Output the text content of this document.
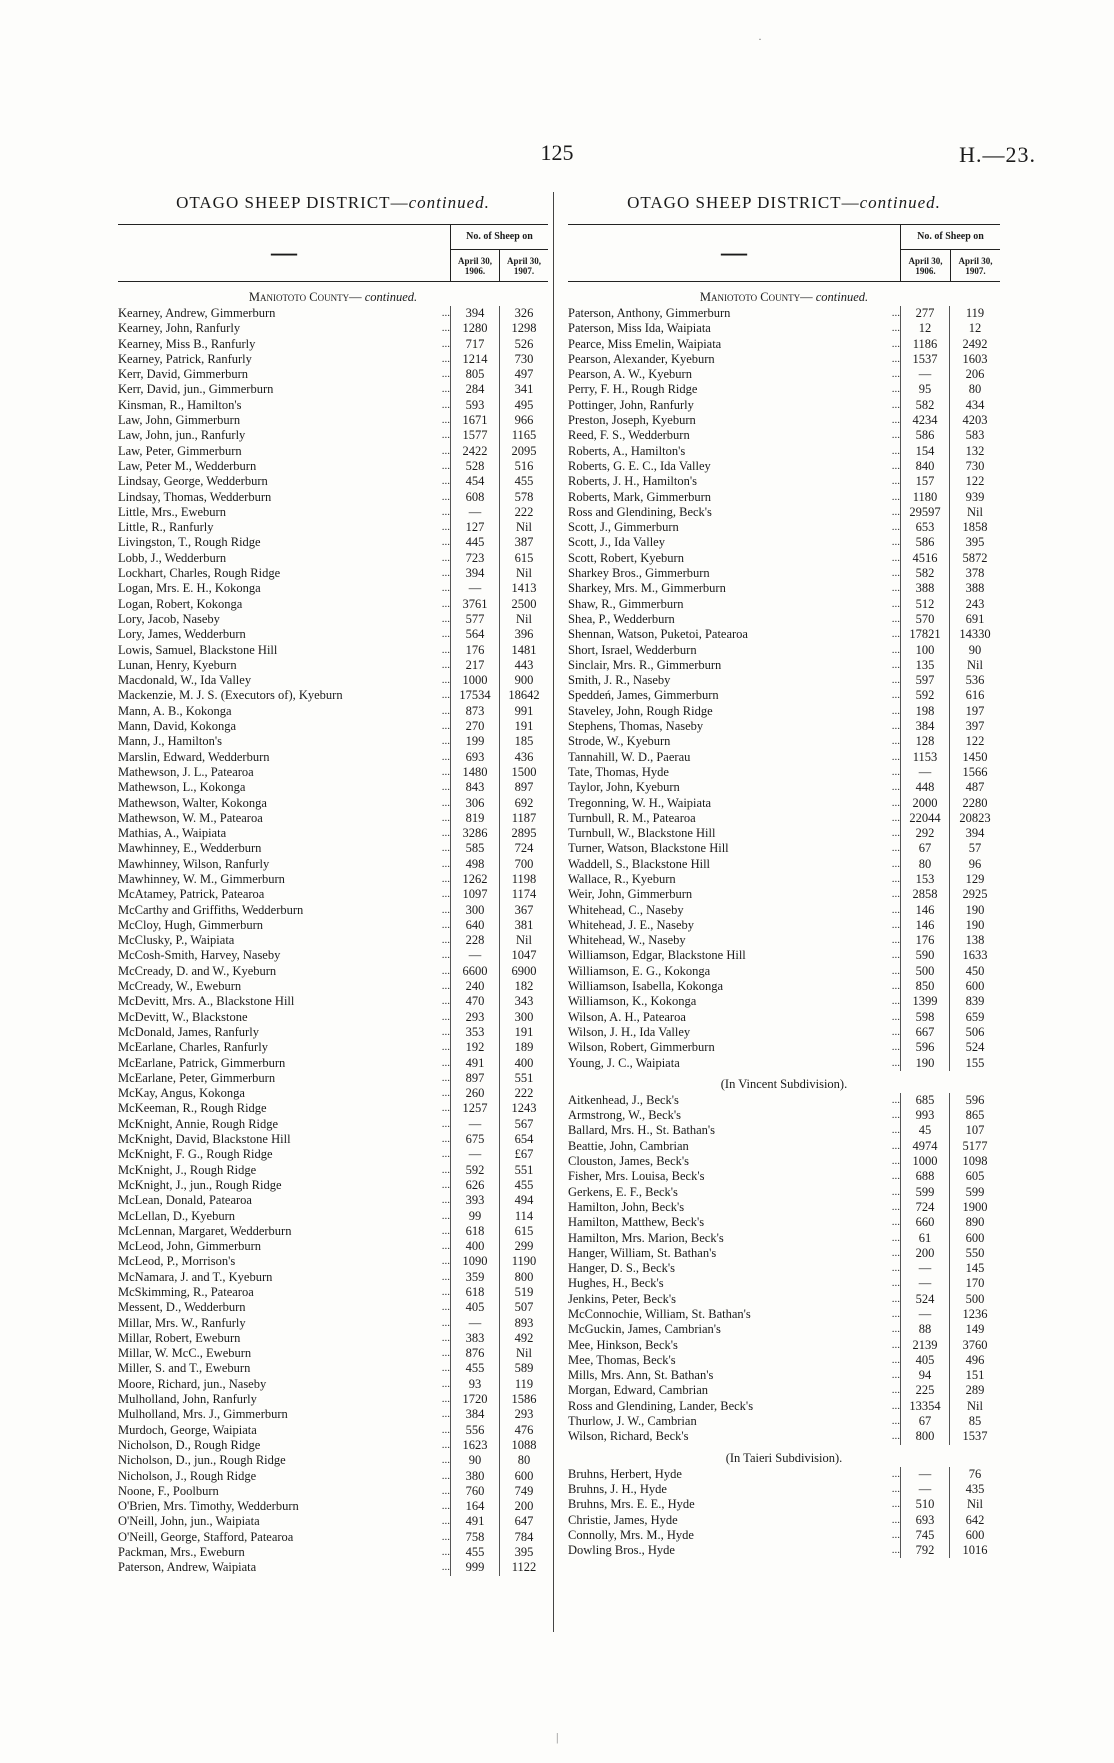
125	H.—23.
·
|
OTAGO SHEEP DISTRICT—continued.
—
No. of Sheep on
April 30, 1906.
April 30, 1907.
Maniototo County— continued.
Kearney, Andrew, Gimmerburn	...	394	326
Kearney, John, Ranfurly	...	1280	1298
Kearney, Miss B., Ranfurly	...	717	526
Kearney, Patrick, Ranfurly	...	1214	730
Kerr, David, Gimmerburn	...	805	497
Kerr, David, jun., Gimmerburn	...	284	341
Kinsman, R., Hamilton's	...	593	495
Law, John, Gimmerburn	...	1671	966
Law, John, jun., Ranfurly	...	1577	1165
Law, Peter, Gimmerburn	...	2422	2095
Law, Peter M., Wedderburn	...	528	516
Lindsay, George, Wedderburn	...	454	455
Lindsay, Thomas, Wedderburn	...	608	578
Little, Mrs., Eweburn	...	—	222
Little, R., Ranfurly	...	127	Nil
Livingston, T., Rough Ridge	...	445	387
Lobb, J., Wedderburn	...	723	615
Lockhart, Charles, Rough Ridge	...	394	Nil
Logan, Mrs. E. H., Kokonga	...	—	1413
Logan, Robert, Kokonga	...	3761	2500
Lory, Jacob, Naseby	...	577	Nil
Lory, James, Wedderburn	...	564	396
Lowis, Samuel, Blackstone Hill	...	176	1481
Lunan, Henry, Kyeburn	...	217	443
Macdonald, W., Ida Valley	...	1000	900
Mackenzie, M. J. S. (Executors of), Kyeburn	... 17534	18642
Mann, A. B., Kokonga	...	873	991
Mann, David, Kokonga	...	270	191
Mann, J., Hamilton's	...	199	185
Marslin, Edward, Wedderburn	...	693	436
Mathewson, J. L., Patearoa	...	1480	1500
Mathewson, L., Kokonga	...	843	897
Mathewson, Walter, Kokonga	...	306	692
Mathewson, W. M., Patearoa	...	819	1187
Mathias, A., Waipiata	...	3286	2895
Mawhinney, E., Wedderburn	...	585	724
Mawhinney, Wilson, Ranfurly	...	498	700
Mawhinney, W. M., Gimmerburn	...	1262	1198
McAtamey, Patrick, Patearoa	...	1097	1174
McCarthy and Griffiths, Wedderburn	...	300	367
McCloy, Hugh, Gimmerburn	...	640	381
McClusky, P., Waipiata	...	228	Nil
McCosh-Smith, Harvey, Naseby	...	—	1047
McCready, D. and W., Kyeburn	...	6600	6900
McCready, W., Eweburn	...	240	182
McDevitt, Mrs. A., Blackstone Hill	...	470	343
McDevitt, W., Blackstone	...	293	300
McDonald, James, Ranfurly	...	353	191
McEarlane, Charles, Ranfurly	...	192	189
McEarlane, Patrick, Gimmerburn	...	491	400
McEarlane, Peter, Gimmerburn	...	897	551
McKay, Angus, Kokonga	...	260	222
McKeeman, R., Rough Ridge	...	1257	1243
McKnight, Annie, Rough Ridge	...	—	567
McKnight, David, Blackstone Hill	...	675	654
McKnight, F. G., Rough Ridge	...	—	£67
McKnight, J., Rough Ridge	...	592	551
McKnight, J., jun., Rough Ridge	...	626	455
McLean, Donald, Patearoa	...	393	494
McLellan, D., Kyeburn	...	99	114
McLennan, Margaret, Wedderburn	...	618	615
McLeod, John, Gimmerburn	...	400	299
McLeod, P., Morrison's	...	1090	1190
McNamara, J. and T., Kyeburn	...	359	800
McSkimming, R., Patearoa	...	618	519
Messent, D., Wedderburn	...	405	507
Millar, Mrs. W., Ranfurly	...	—	893
Millar, Robert, Eweburn	...	383	492
Millar, W. McC., Eweburn	...	876	Nil
Miller, S. and T., Eweburn	...	455	589
Moore, Richard, jun., Naseby	...	93	119
Mulholland, John, Ranfurly	...	1720	1586
Mulholland, Mrs. J., Gimmerburn	...	384	293
Murdoch, George, Waipiata	...	556	476
Nicholson, D., Rough Ridge	...	1623	1088
Nicholson, D., jun., Rough Ridge	...	90	80
Nicholson, J., Rough Ridge	...	380	600
Noone, F., Poolburn	...	760	749
O'Brien, Mrs. Timothy, Wedderburn	...	164	200
O'Neill, John, jun., Waipiata	...	491	647
O'Neill, George, Stafford, Patearoa	...	758	784
Packman, Mrs., Eweburn	...	455	395
Paterson, Andrew, Waipiata	...	999	1122
OTAGO SHEEP DISTRICT—continued.
—
No. of Sheep on
April 30, 1906.
April 30, 1907.
Maniototo County— continued.
Paterson, Anthony, Gimmerburn	...	277	119
Paterson, Miss Ida, Waipiata	...	12	12
Pearce, Miss Emelin, Waipiata	...	1186	2492
Pearson, Alexander, Kyeburn	...	1537	1603
Pearson, A. W., Kyeburn	...	—	206
Perry, F. H., Rough Ridge	...	95	80
Pottinger, John, Ranfurly	...	582	434
Preston, Joseph, Kyeburn	...	4234	4203
Reed, F. S., Wedderburn	...	586	583
Roberts, A., Hamilton's	...	154	132
Roberts, G. E. C., Ida Valley	...	840	730
Roberts, J. H., Hamilton's	...	157	122
Roberts, Mark, Gimmerburn	...	1180	939
Ross and Glendining, Beck's	... 29597	Nil
Scott, J., Gimmerburn	...	653	1858
Scott, J., Ida Valley	...	586	395
Scott, Robert, Kyeburn	...	4516	5872
Sharkey Bros., Gimmerburn	...	582	378
Sharkey, Mrs. M., Gimmerburn	...	388	388
Shaw, R., Gimmerburn	...	512	243
Shea, P., Wedderburn	...	570	691
Shennan, Watson, Puketoi, Patearoa	... 17821	14330
Short, Israel, Wedderburn	...	100	90
Sinclair, Mrs. R., Gimmerburn	...	135	Nil
Smith, J. R., Naseby	...	597	536
Speddeń, James, Gimmerburn	...	592	616
Staveley, John, Rough Ridge	...	198	197
Stephens, Thomas, Naseby	...	384	397
Strode, W., Kyeburn	...	128	122
Tannahill, W. D., Paerau	...	1153	1450
Tate, Thomas, Hyde	...	—	1566
Taylor, John, Kyeburn	...	448	487
Tregonning, W. H., Waipiata	...	2000	2280
Turnbull, R. M., Patearoa	... 22044	20823
Turnbull, W., Blackstone Hill	...	292	394
Turner, Watson, Blackstone Hill	...	67	57
Waddell, S., Blackstone Hill	...	80	96
Wallace, R., Kyeburn	...	153	129
Weir, John, Gimmerburn	...	2858	2925
Whitehead, C., Naseby	...	146	190
Whitehead, J. E., Naseby	...	146	190
Whitehead, W., Naseby	...	176	138
Williamson, Edgar, Blackstone Hill	...	590	1633
Williamson, E. G., Kokonga	...	500	450
Williamson, Isabella, Kokonga	...	850	600
Williamson, K., Kokonga	...	1399	839
Wilson, A. H., Patearoa	...	598	659
Wilson, J. H., Ida Valley	...	667	506
Wilson, Robert, Gimmerburn	...	596	524
Young, J. C., Waipiata	...	190	155
(In Vincent Subdivision).
Aitkenhead, J., Beck's	...	685	596
Armstrong, W., Beck's	...	993	865
Ballard, Mrs. H., St. Bathan's	...	45	107
Beattie, John, Cambrian	...	4974	5177
Clouston, James, Beck's	...	1000	1098
Fisher, Mrs. Louisa, Beck's	...	688	605
Gerkens, E. F., Beck's	...	599	599
Hamilton, John, Beck's	...	724	1900
Hamilton, Matthew, Beck's	...	660	890
Hamilton, Mrs. Marion, Beck's	...	61	600
Hanger, William, St. Bathan's	...	200	550
Hanger, D. S., Beck's	...	—	145
Hughes, H., Beck's	...	—	170
Jenkins, Peter, Beck's	...	524	500
McConnochie, William, St. Bathan's	...	—	1236
McGuckin, James, Cambrian's	...	88	149
Mee, Hinkson, Beck's	...	2139	3760
Mee, Thomas, Beck's	...	405	496
Mills, Mrs. Ann, St. Bathan's	...	94	151
Morgan, Edward, Cambrian	...	225	289
Ross and Glendining, Lander, Beck's	... 13354	Nil
Thurlow, J. W., Cambrian	...	67	85
Wilson, Richard, Beck's	...	800	1537
(In Taieri Subdivision).
Bruhns, Herbert, Hyde	...	—	76
Bruhns, J. H., Hyde	...	—	435
Bruhns, Mrs. E. E., Hyde	...	510	Nil
Christie, James, Hyde	...	693	642
Connolly, Mrs. M., Hyde	...	745	600
Dowling Bros., Hyde	...	792	1016
